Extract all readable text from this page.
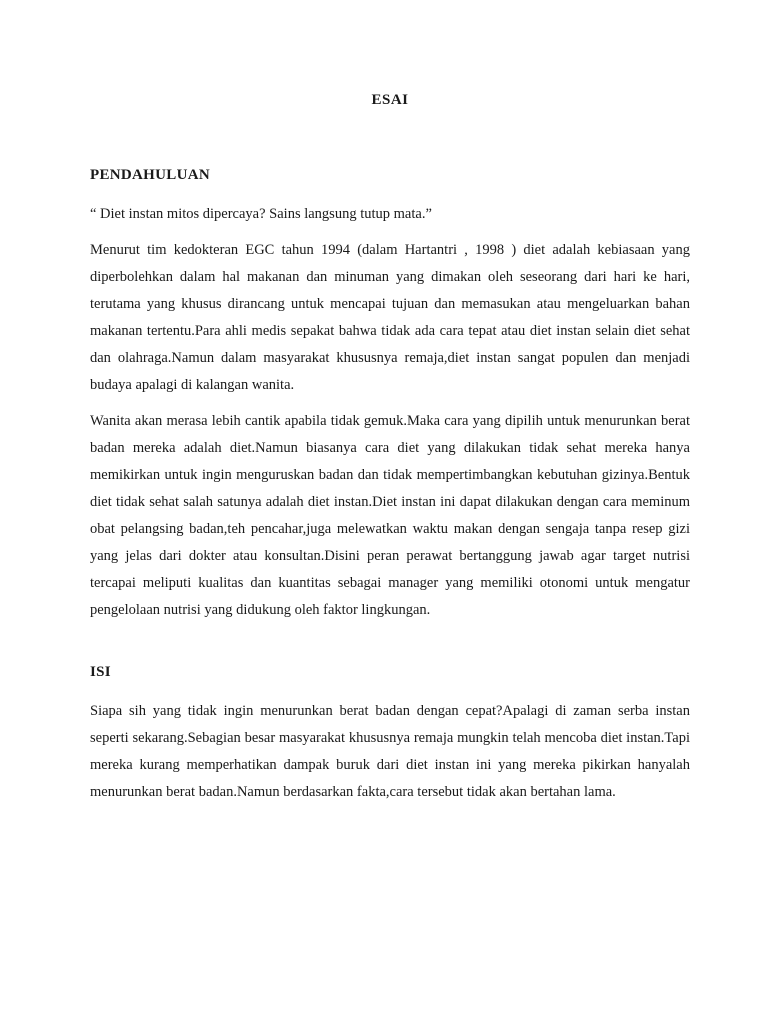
ESAI
PENDAHULUAN
“ Diet instan mitos dipercaya? Sains langsung tutup mata.”
Menurut tim kedokteran EGC tahun 1994 (dalam Hartantri , 1998 ) diet adalah kebiasaan yang diperbolehkan dalam hal makanan dan minuman yang dimakan oleh seseorang dari hari ke hari, terutama yang khusus dirancang untuk mencapai tujuan dan memasukan atau mengeluarkan bahan makanan tertentu.Para ahli medis sepakat bahwa tidak ada cara tepat atau diet instan selain diet sehat dan olahraga.Namun dalam masyarakat khususnya remaja,diet instan sangat populen dan menjadi budaya apalagi di kalangan wanita.
Wanita akan merasa lebih cantik apabila tidak gemuk.Maka cara yang dipilih untuk menurunkan berat badan mereka adalah diet.Namun biasanya cara diet yang dilakukan tidak sehat mereka hanya memikirkan untuk ingin menguruskan badan dan tidak mempertimbangkan kebutuhan gizinya.Bentuk diet tidak sehat salah satunya adalah diet instan.Diet instan ini dapat dilakukan dengan cara meminum obat pelangsing badan,teh pencahar,juga melewatkan waktu makan dengan sengaja tanpa resep gizi yang jelas dari dokter atau konsultan.Disini peran perawat bertanggung jawab agar target nutrisi tercapai meliputi kualitas dan kuantitas sebagai manager yang memiliki otonomi untuk mengatur pengelolaan nutrisi yang didukung oleh faktor lingkungan.
ISI
Siapa sih yang tidak ingin menurunkan berat badan dengan cepat?Apalagi di zaman serba instan seperti sekarang.Sebagian besar masyarakat khususnya remaja mungkin telah mencoba diet instan.Tapi mereka kurang memperhatikan dampak buruk dari diet instan ini yang mereka pikirkan hanyalah menurunkan berat badan.Namun berdasarkan fakta,cara tersebut tidak akan bertahan lama.
